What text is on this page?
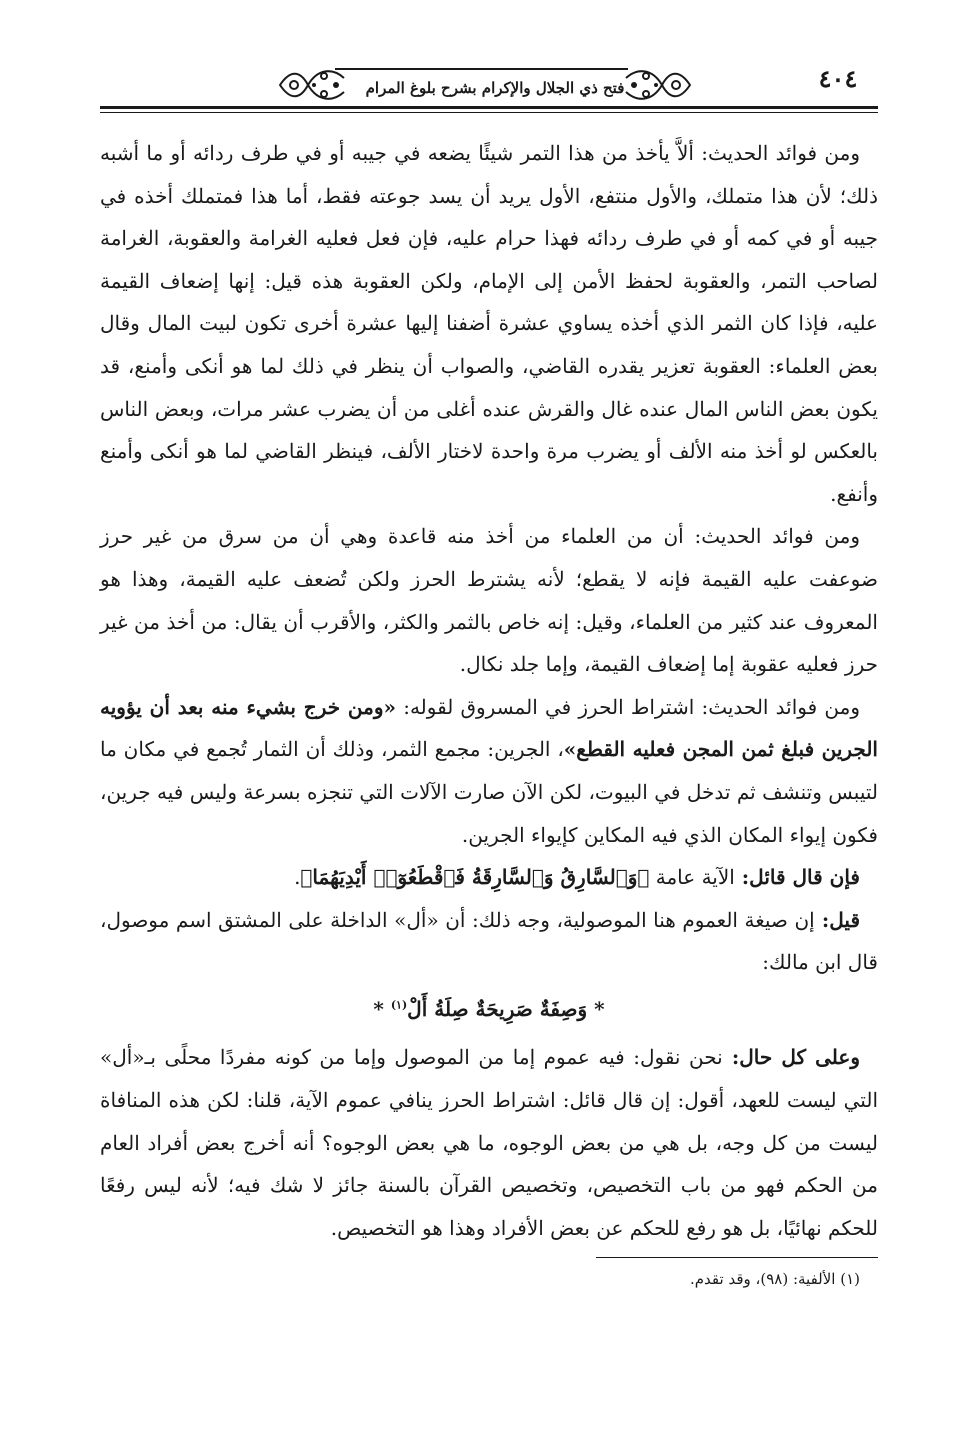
فتح ذي الجلال والإكرام بشرح بلوغ المرام	٤٠٤

ومن فوائد الحديث: ألاَّ يأخذ من هذا التمر شيئًا يضعه في جيبه أو في طرف ردائه أو ما أشبه ذلك؛ لأن هذا متملك، والأول منتفع، الأول يريد أن يسد جوعته فقط، أما هذا فمتملك أخذه في جيبه أو في كمه أو في طرف ردائه فهذا حرام عليه، فإن فعل فعليه الغرامة والعقوبة، الغرامة لصاحب التمر، والعقوبة لحفظ الأمن إلى الإمام، ولكن العقوبة هذه قيل: إنها إضعاف القيمة عليه، فإذا كان الثمر الذي أخذه يساوي عشرة أضفنا إليها عشرة أخرى تكون لبيت المال وقال بعض العلماء: العقوبة تعزير يقدره القاضي، والصواب أن ينظر في ذلك لما هو أنكى وأمنع، قد يكون بعض الناس المال عنده غال والقرش عنده أغلى من أن يضرب عشر مرات، وبعض الناس بالعكس لو أخذ منه الألف أو يضرب مرة واحدة لاختار الألف، فينظر القاضي لما هو أنكى وأمنع وأنفع.

ومن فوائد الحديث: أن من العلماء من أخذ منه قاعدة وهي أن من سرق من غير حرز ضوعفت عليه القيمة فإنه لا يقطع؛ لأنه يشترط الحرز ولكن تُضعف عليه القيمة، وهذا هو المعروف عند كثير من العلماء، وقيل: إنه خاص بالثمر والكثر، والأقرب أن يقال: من أخذ من غير حرز فعليه عقوبة إما إضعاف القيمة، وإما جلد نكال.

ومن فوائد الحديث: اشتراط الحرز في المسروق لقوله: «ومن خرج بشيء منه بعد أن يؤويه الجرين فبلغ ثمن المجن فعليه القطع»، الجرين: مجمع الثمر، وذلك أن الثمار تُجمع في مكان ما لتيبس وتنشف ثم تدخل في البيوت، لكن الآن صارت الآلات التي تنجزه بسرعة وليس فيه جرين، فكون إيواء المكان الذي فيه المكاين كإيواء الجرين.

فإن قال قائل: الآية عامة ﴿وَٱلسَّارِقُ وَٱلسَّارِقَةُ فَٱقْطَعُوٓا۟ أَيْدِيَهُمَا﴾.

قيل: إن صيغة العموم هنا الموصولية، وجه ذلك: أن «أل» الداخلة على المشتق اسم موصول، قال ابن مالك:

* وَصِفَةٌ صَرِيحَةٌ صِلَةُ أَلْ$^{(١)}$ *

وعلى كل حال: نحن نقول: فيه عموم إما من الموصول وإما من كونه مفردًا محلًى بـ«أل» التي ليست للعهد، أقول: إن قال قائل: اشتراط الحرز ينافي عموم الآية، قلنا: لكن هذه المنافاة ليست من كل وجه، بل هي من بعض الوجوه، ما هي بعض الوجوه؟ أنه أخرج بعض أفراد العام من الحكم فهو من باب التخصيص، وتخصيص القرآن بالسنة جائز لا شك فيه؛ لأنه ليس رفعًا للحكم نهائيًا، بل هو رفع للحكم عن بعض الأفراد وهذا هو التخصيص.

(١) الألفية: (٩٨)، وقد تقدم.
